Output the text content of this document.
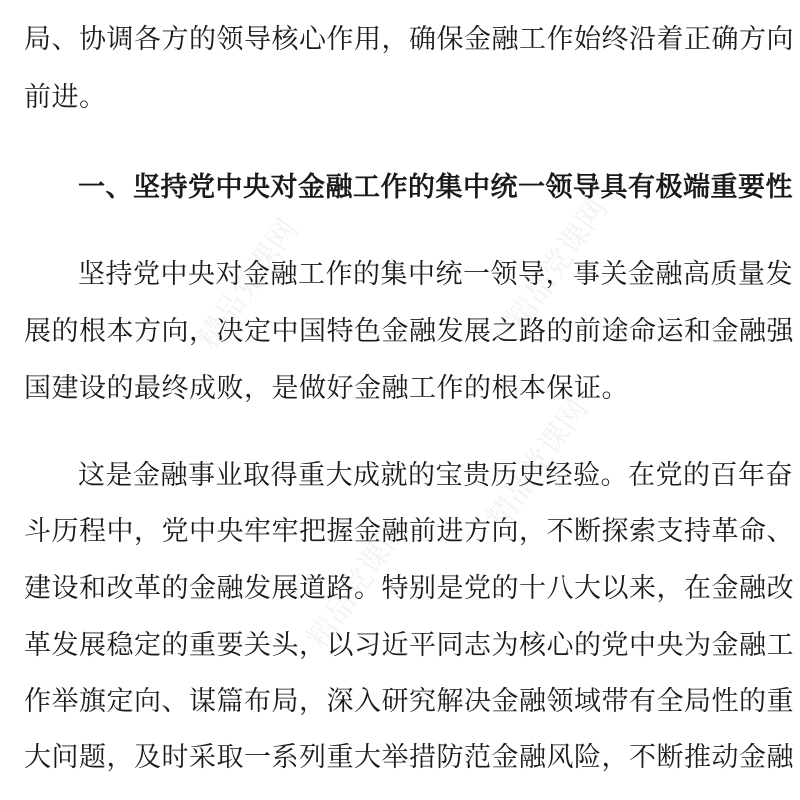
精品党课网	精品党课网
精品党课网
精品党课网
局、协调各方的领导核心作用，确保金融工作始终沿着正确方向
前进。
一、坚持党中央对金融工作的集中统一领导具有极端重要性
坚持党中央对金融工作的集中统一领导，事关金融高质量发
展的根本方向，决定中国特色金融发展之路的前途命运和金融强
国建设的最终成败，是做好金融工作的根本保证。
这是金融事业取得重大成就的宝贵历史经验。在党的百年奋
斗历程中，党中央牢牢把握金融前进方向，不断探索支持革命、
建设和改革的金融发展道路。特别是党的十八大以来，在金融改
革发展稳定的重要关头，以习近平同志为核心的党中央为金融工
作举旗定向、谋篇布局，深入研究解决金融领域带有全局性的重
大问题，及时采取一系列重大举措防范金融风险，不断推动金融
